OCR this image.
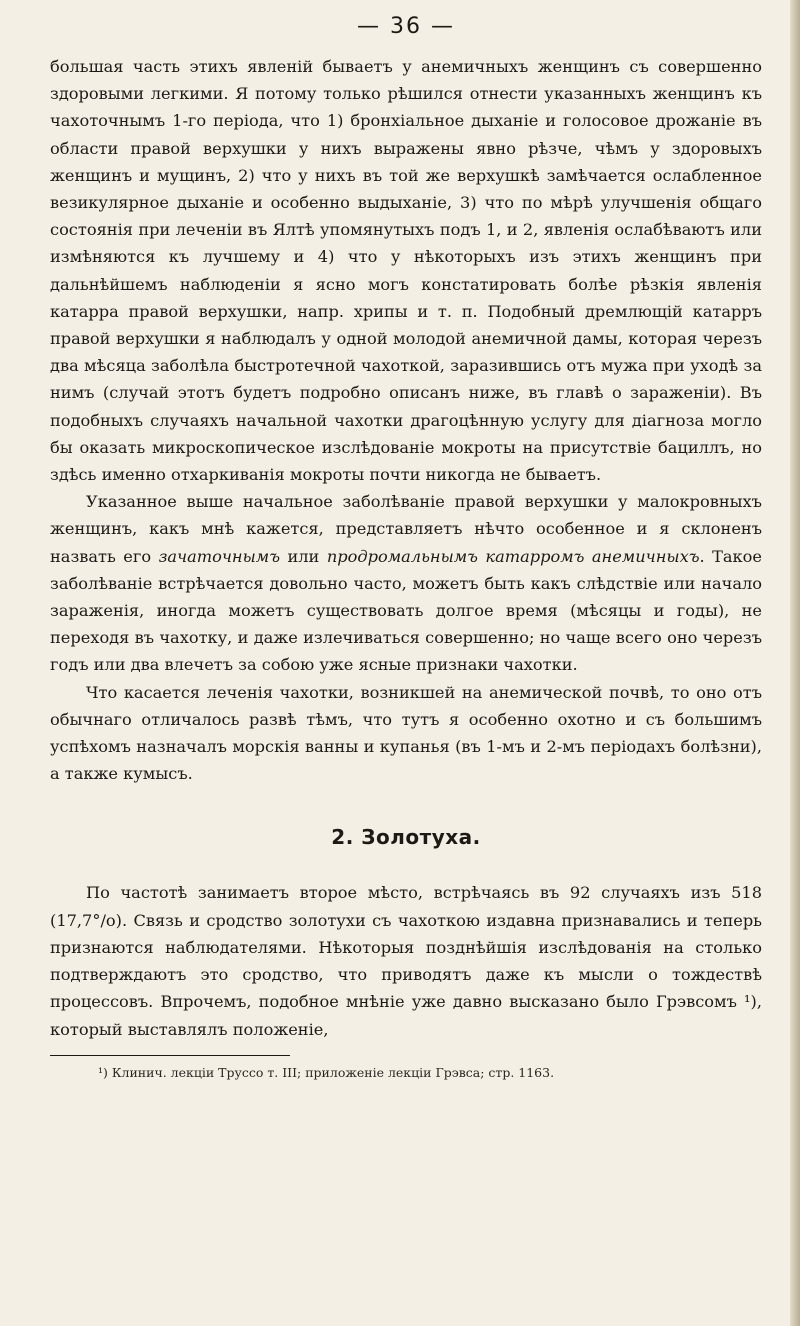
— 36 —

большая часть этихъ явленій бываетъ у анемичныхъ женщинъ съ совершенно здоровыми легкими. Я потому только рѣшился отнести указанныхъ женщинъ къ чахоточнымъ 1-го періода, что 1) бронхіальное дыханіе и голосовое дрожаніе въ области правой верхушки у нихъ выражены явно рѣзче, чѣмъ у здоровыхъ женщинъ и мущинъ, 2) что у нихъ въ той же верхушкѣ замѣчается ослабленное везикулярное дыханіе и особенно выдыханіе, 3) что по мѣрѣ улучшенія общаго состоянія при леченіи въ Ялтѣ упомянутыхъ подъ 1, и 2, явленія ослабѣваютъ или измѣняются къ лучшему и 4) что у нѣкоторыхъ изъ этихъ женщинъ при дальнѣйшемъ наблюденіи я ясно могъ констатировать болѣе рѣзкія явленія катарра правой верхушки, напр. хрипы и т. п. Подобный дремлющій катарръ правой верхушки я наблюдалъ у одной молодой анемичной дамы, которая черезъ два мѣсяца заболѣла быстротечной чахоткой, заразившись отъ мужа при уходѣ за нимъ (случай этотъ будетъ подробно описанъ ниже, въ главѣ о зараженіи). Въ подобныхъ случаяхъ начальной чахотки драгоцѣнную услугу для діагноза могло бы оказать микроскопическое изслѣдованіе мокроты на присутствіе бациллъ, но здѣсь именно отхаркиванія мокроты почти никогда не бываетъ.

Указанное выше начальное заболѣваніе правой верхушки у малокровныхъ женщинъ, какъ мнѣ кажется, представляетъ нѣчто особенное и я склоненъ назвать его зачаточнымъ или продромальнымъ катарромъ анемичныхъ. Такое заболѣваніе встрѣчается довольно часто, можетъ быть какъ слѣдствіе или начало зараженія, иногда можетъ существовать долгое время (мѣсяцы и годы), не переходя въ чахотку, и даже излечиваться совершенно; но чаще всего оно черезъ годъ или два влечетъ за собою уже ясные признаки чахотки.

Что касается леченія чахотки, возникшей на анемической почвѣ, то оно отъ обычнаго отличалось развѣ тѣмъ, что тутъ я особенно охотно и съ большимъ успѣхомъ назначалъ морскія ванны и купанья (въ 1-мъ и 2-мъ періодахъ болѣзни), а также кумысъ.

2. Золотуха.

По частотѣ занимаетъ второе мѣсто, встрѣчаясь въ 92 случаяхъ изъ 518 (17,7°/о). Связь и сродство золотухи съ чахоткою издавна признавались и теперь признаются наблюдателями. Нѣкоторыя позднѣйшія изслѣдованія на столько подтверждаютъ это сродство, что приводятъ даже къ мысли о тождествѣ процессовъ. Впрочемъ, подобное мнѣніе уже давно высказано было Грэвсомъ ¹), который выставлялъ положеніе,

¹) Клинич. лекціи Труссо т. III; приложеніе лекціи Грэвса; стр. 1163.
